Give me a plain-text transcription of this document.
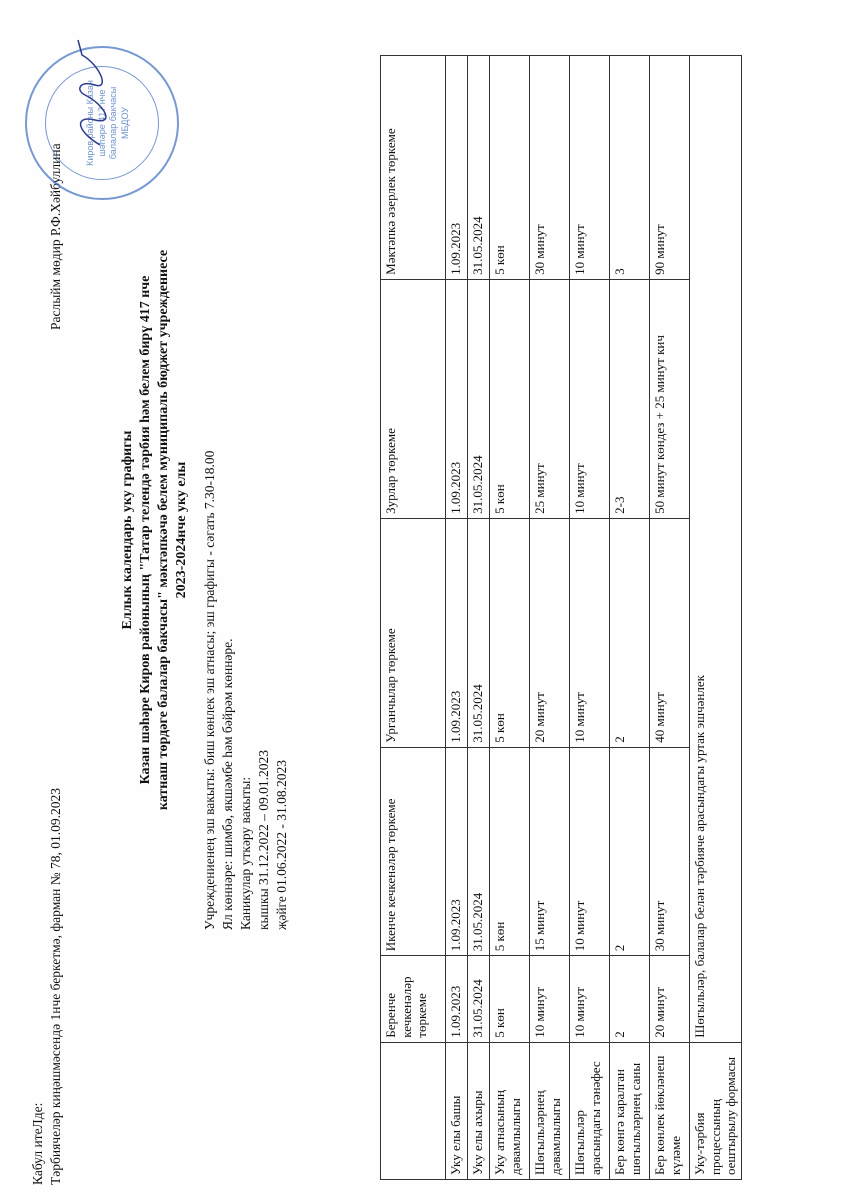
Кабул итеЛде: Тәрбиячеләр киңәшмәсендә 1нче беркетмә, фарман № 78, 01.09.2023
Раслыйм мөдир Р.Ф.Хәйбуллина
Киров районы Казан шәһәре 417 нче балалар бакчасы МБДОУ
Еллык календарь уку графигы Казан шәһәре Киров районының "Татар телендә тәрбия һәм белем бирү 417 нче катнаш төрдәге балалар бакчасы" мәктәпкәчә белем муниципаль бюджет учреждениесе 2023-2024нче уку елы Учреждениенең эш вакыты: биш көнлек эш атнасы; эш графигы - сәгать 7.30-18.00 Ял көннәре: шимбә, якшәмбе һәм бәйрәм көннәре. Каникулар уткәру вакыты: кышкы 31.12.2022 – 09.01.2023 җәйге 01.06.2022 - 31.08.2023
	Беренче кечкенәләр төркеме	Икенче кечкенәләр төркеме	Урганчылар төркеме	Зурлар төркеме	Мәктәпкә әзерлек төркеме
Уку елы башы	1.09.2023	1.09.2023	1.09.2023	1.09.2023	1.09.2023
Уку елы ахыры	31.05.2024	31.05.2024	31.05.2024	31.05.2024	31.05.2024
Уку атнасының дәвамлылыгы	5 көн	5 көн	5 көн	5 көн	5 көн
Шөгыльләрнең дәвамлылыгы	10 минут	15 минут	20 минут	25 минут	30 минут
Шөгыльләр арасындагы тәнәфес	10 минут	10 минут	10 минут	10 минут	10 минут
Бер көнгә каралган шөгыльләрнең саны	2	2	2	2-3	3
Бер көнлек йөкләнеш күләме	20 минут	30 минут	40 минут	50 минут көндез + 25 минут кич	90 минут
Уку-тәрбия процессының оештырылу формасы	Шөгыльләр, балалар белән тәрбияче арасындагы уртак эшчәнлек				
